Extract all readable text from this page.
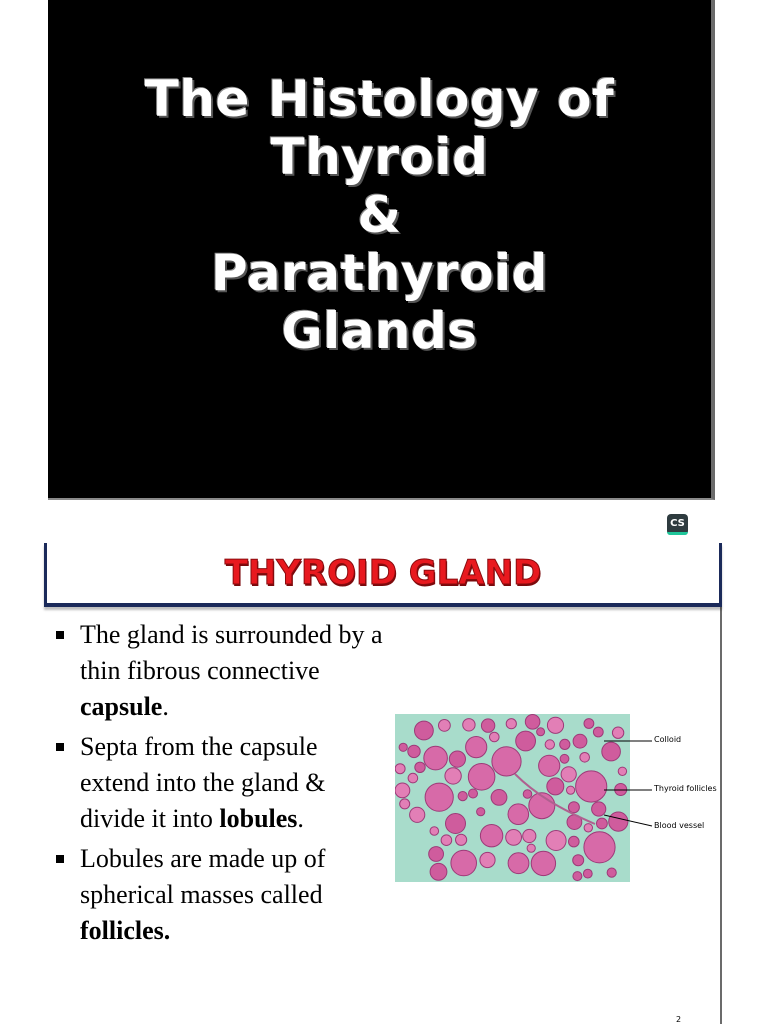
The Histology of
Thyroid
&
Parathyroid
Glands
CS
THYROID GLAND
The gland is surrounded by a thin fibrous connective capsule.
Septa from the capsule extend into the gland & divide it into lobules.
Lobules are made up of spherical masses called follicles.
Colloid
Thyroid follicles
Blood vessel
2
